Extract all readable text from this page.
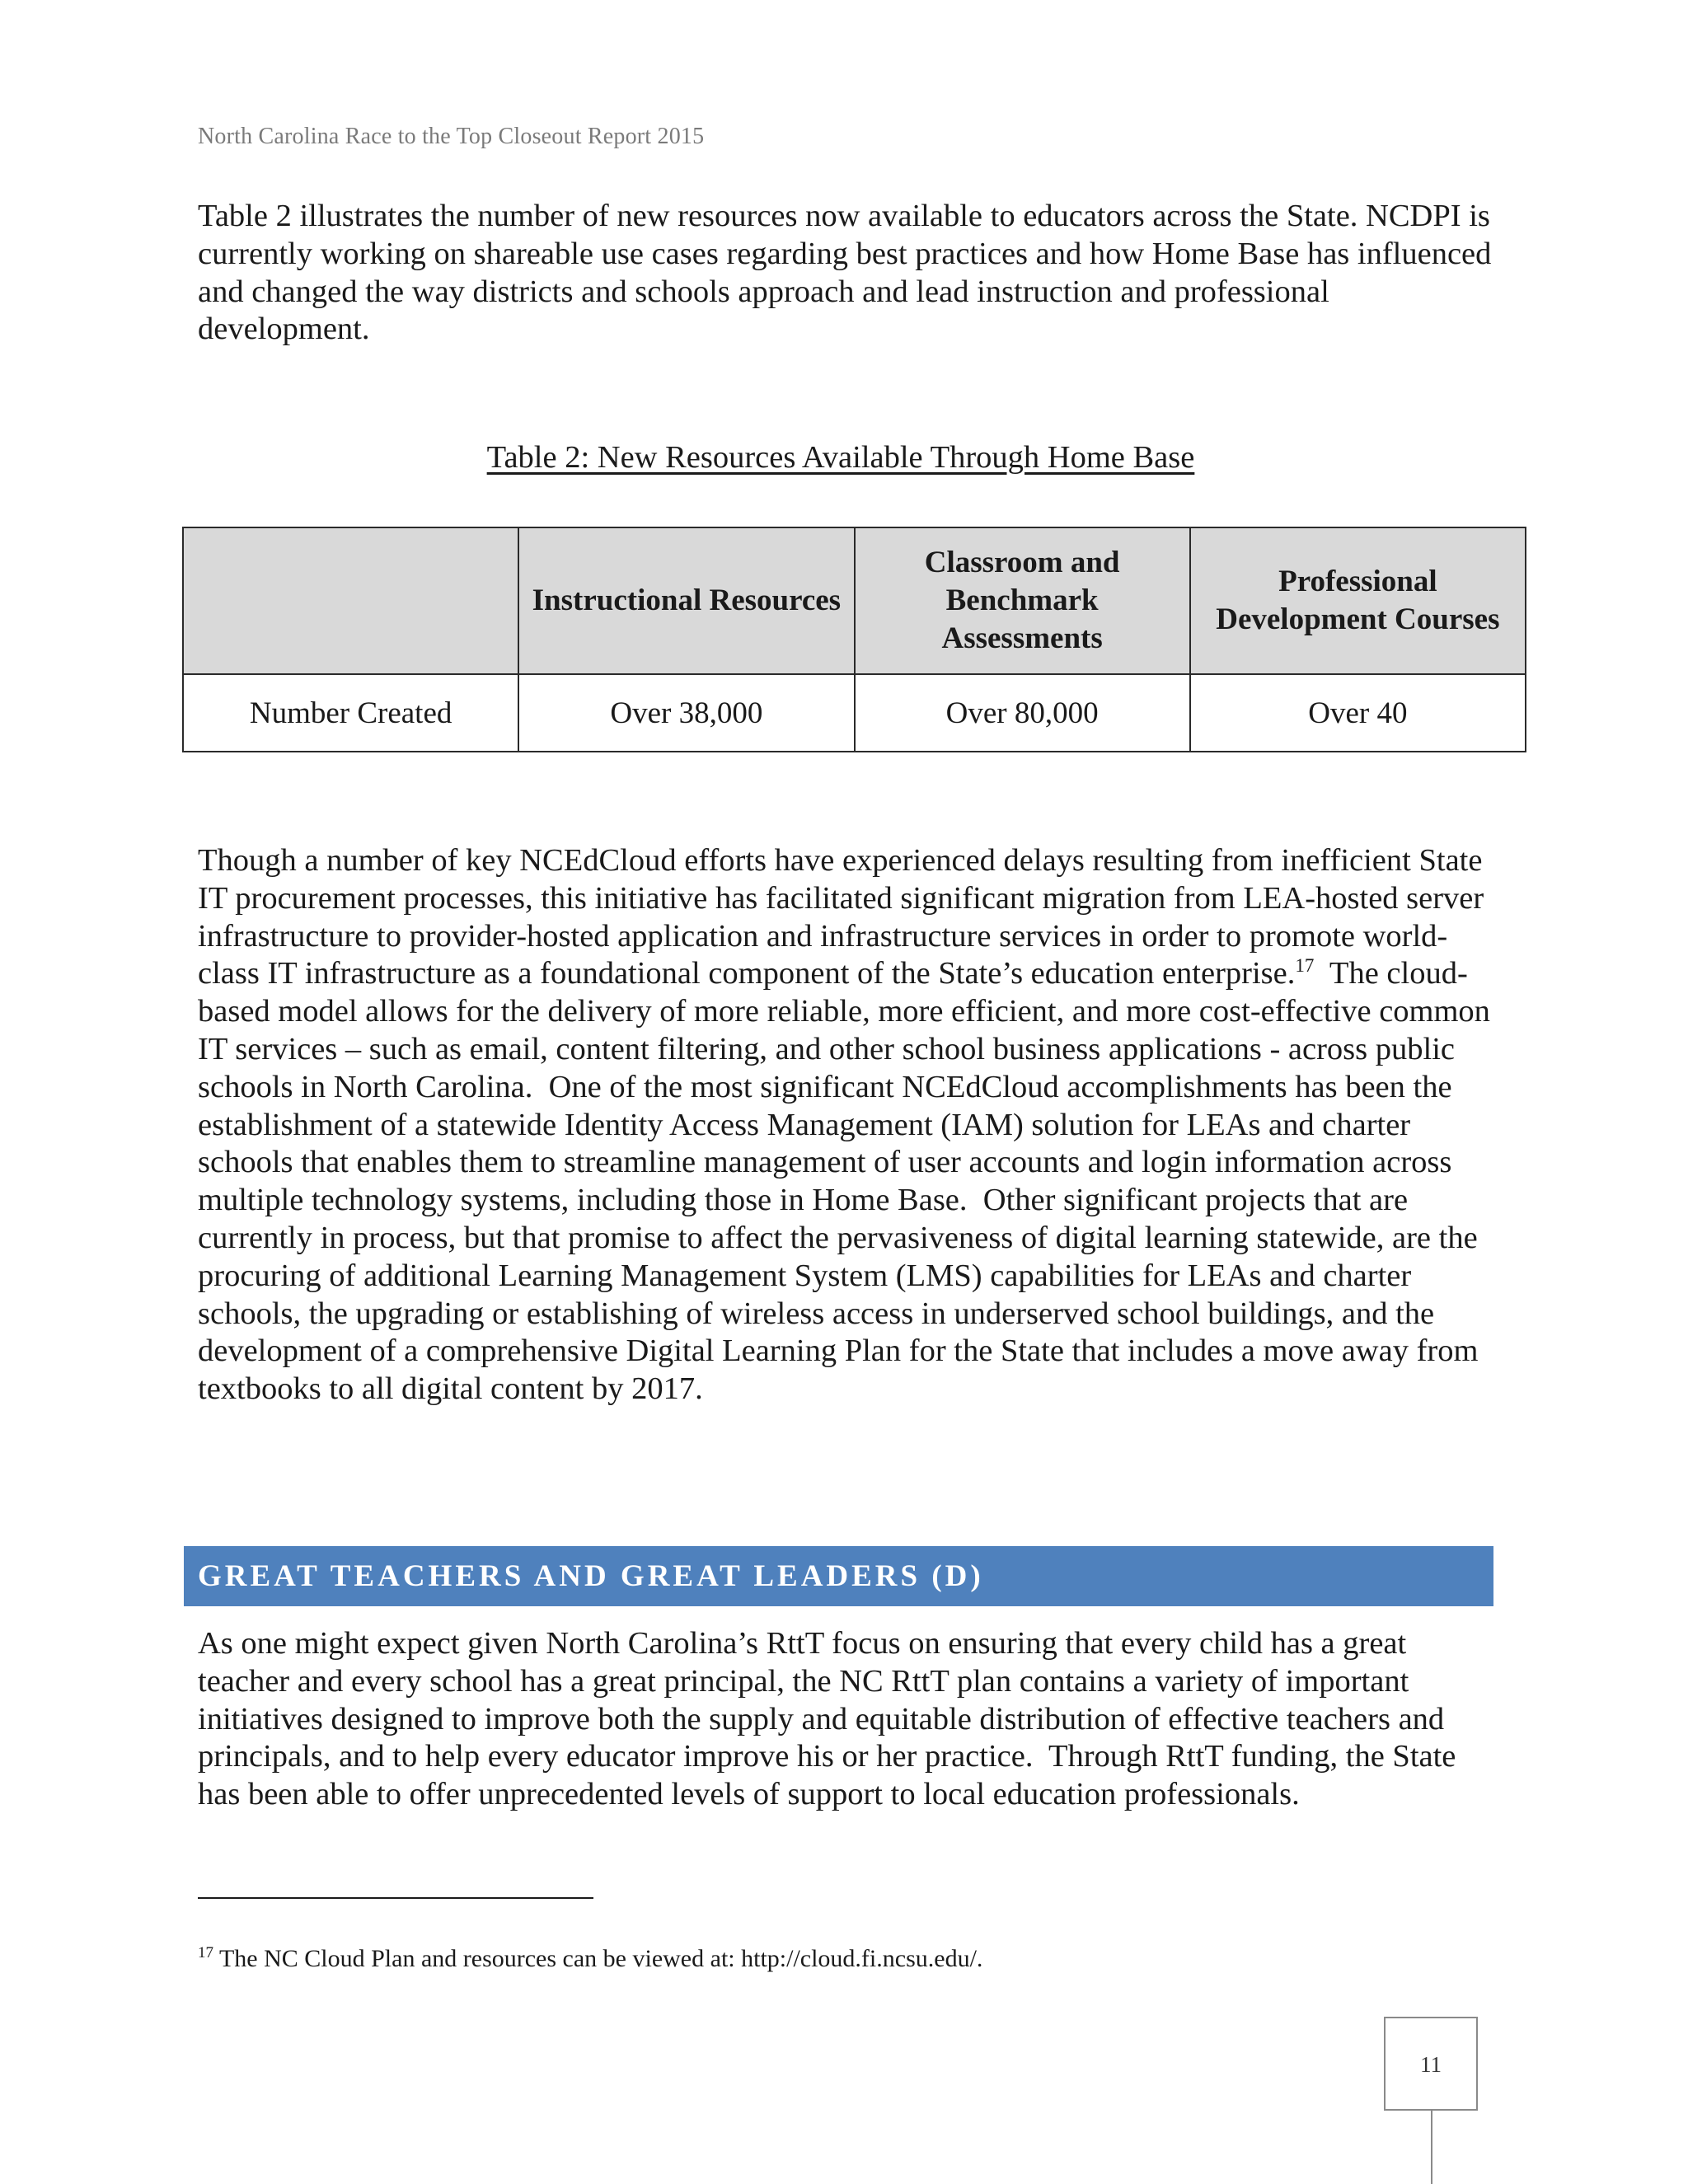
North Carolina Race to the Top Closeout Report 2015

Table 2 illustrates the number of new resources now available to educators across the State. NCDPI is currently working on shareable use cases regarding best practices and how Home Base has influenced and changed the way districts and schools approach and lead instruction and professional development.

Table 2: New Resources Available Through Home Base
	Instructional Resources	Classroom and Benchmark Assessments	Professional Development Courses
Number Created	Over 38,000	Over 80,000	Over 40

Though a number of key NCEdCloud efforts have experienced delays resulting from inefficient State IT procurement processes, this initiative has facilitated significant migration from LEA-hosted server infrastructure to provider-hosted application and infrastructure services in order to promote world-class IT infrastructure as a foundational component of the State’s education enterprise.$^{17}$  The cloud-based model allows for the delivery of more reliable, more efficient, and more cost-effective common IT services – such as email, content filtering, and other school business applications - across public schools in North Carolina.  One of the most significant NCEdCloud accomplishments has been the establishment of a statewide Identity Access Management (IAM) solution for LEAs and charter schools that enables them to streamline management of user accounts and login information across multiple technology systems, including those in Home Base.  Other significant projects that are currently in process, but that promise to affect the pervasiveness of digital learning statewide, are the procuring of additional Learning Management System (LMS) capabilities for LEAs and charter schools, the upgrading or establishing of wireless access in underserved school buildings, and the development of a comprehensive Digital Learning Plan for the State that includes a move away from textbooks to all digital content by 2017.

GREAT TEACHERS AND GREAT LEADERS (D)

As one might expect given North Carolina’s RttT focus on ensuring that every child has a great teacher and every school has a great principal, the NC RttT plan contains a variety of important initiatives designed to improve both the supply and equitable distribution of effective teachers and principals, and to help every educator improve his or her practice.  Through RttT funding, the State has been able to offer unprecedented levels of support to local education professionals.

$^{17}$ The NC Cloud Plan and resources can be viewed at: http://cloud.fi.ncsu.edu/.
11
